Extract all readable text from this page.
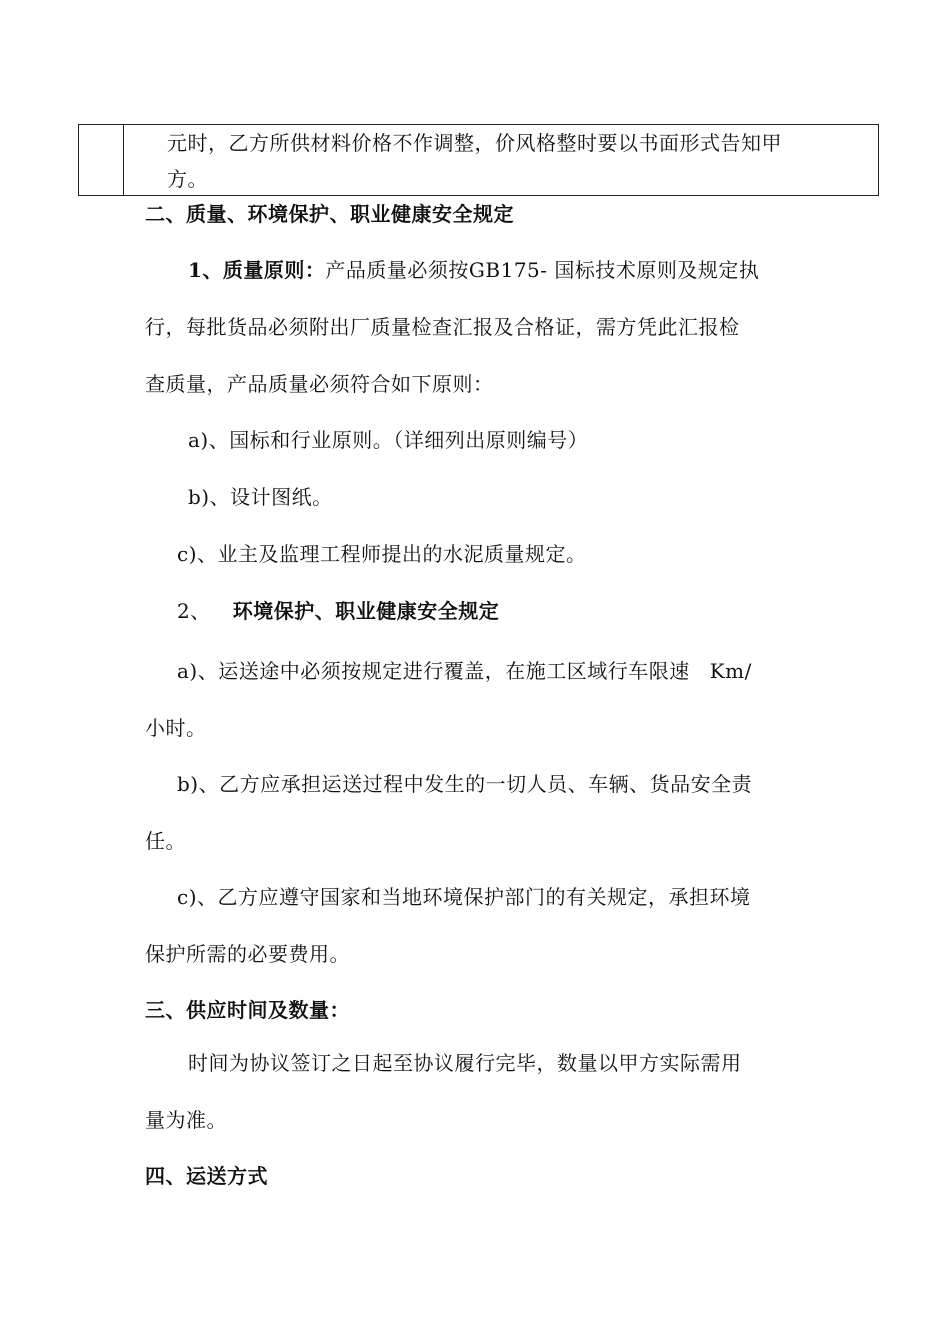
元时，乙方所供材料价格不作调整，价风格整时要以书面形式告知甲
方。
二、质量、环境保护、职业健康安全规定
1、质量原则：产品质量必须按GB175- 国标技术原则及规定执
行，每批货品必须附出厂质量检查汇报及合格证，需方凭此汇报检
查质量，产品质量必须符合如下原则：
a)、国标和行业原则。（详细列出原则编号）
b)、设计图纸。
c)、业主及监理工程师提出的水泥质量规定。
2、 环境保护、职业健康安全规定
a)、运送途中必须按规定进行覆盖，在施工区域行车限速 Km/
小时。
b)、乙方应承担运送过程中发生的一切人员、车辆、货品安全责
任。
c)、乙方应遵守国家和当地环境保护部门的有关规定，承担环境
保护所需的必要费用。
三、供应时间及数量：
时间为协议签订之日起至协议履行完毕，数量以甲方实际需用
量为准。
四、运送方式
